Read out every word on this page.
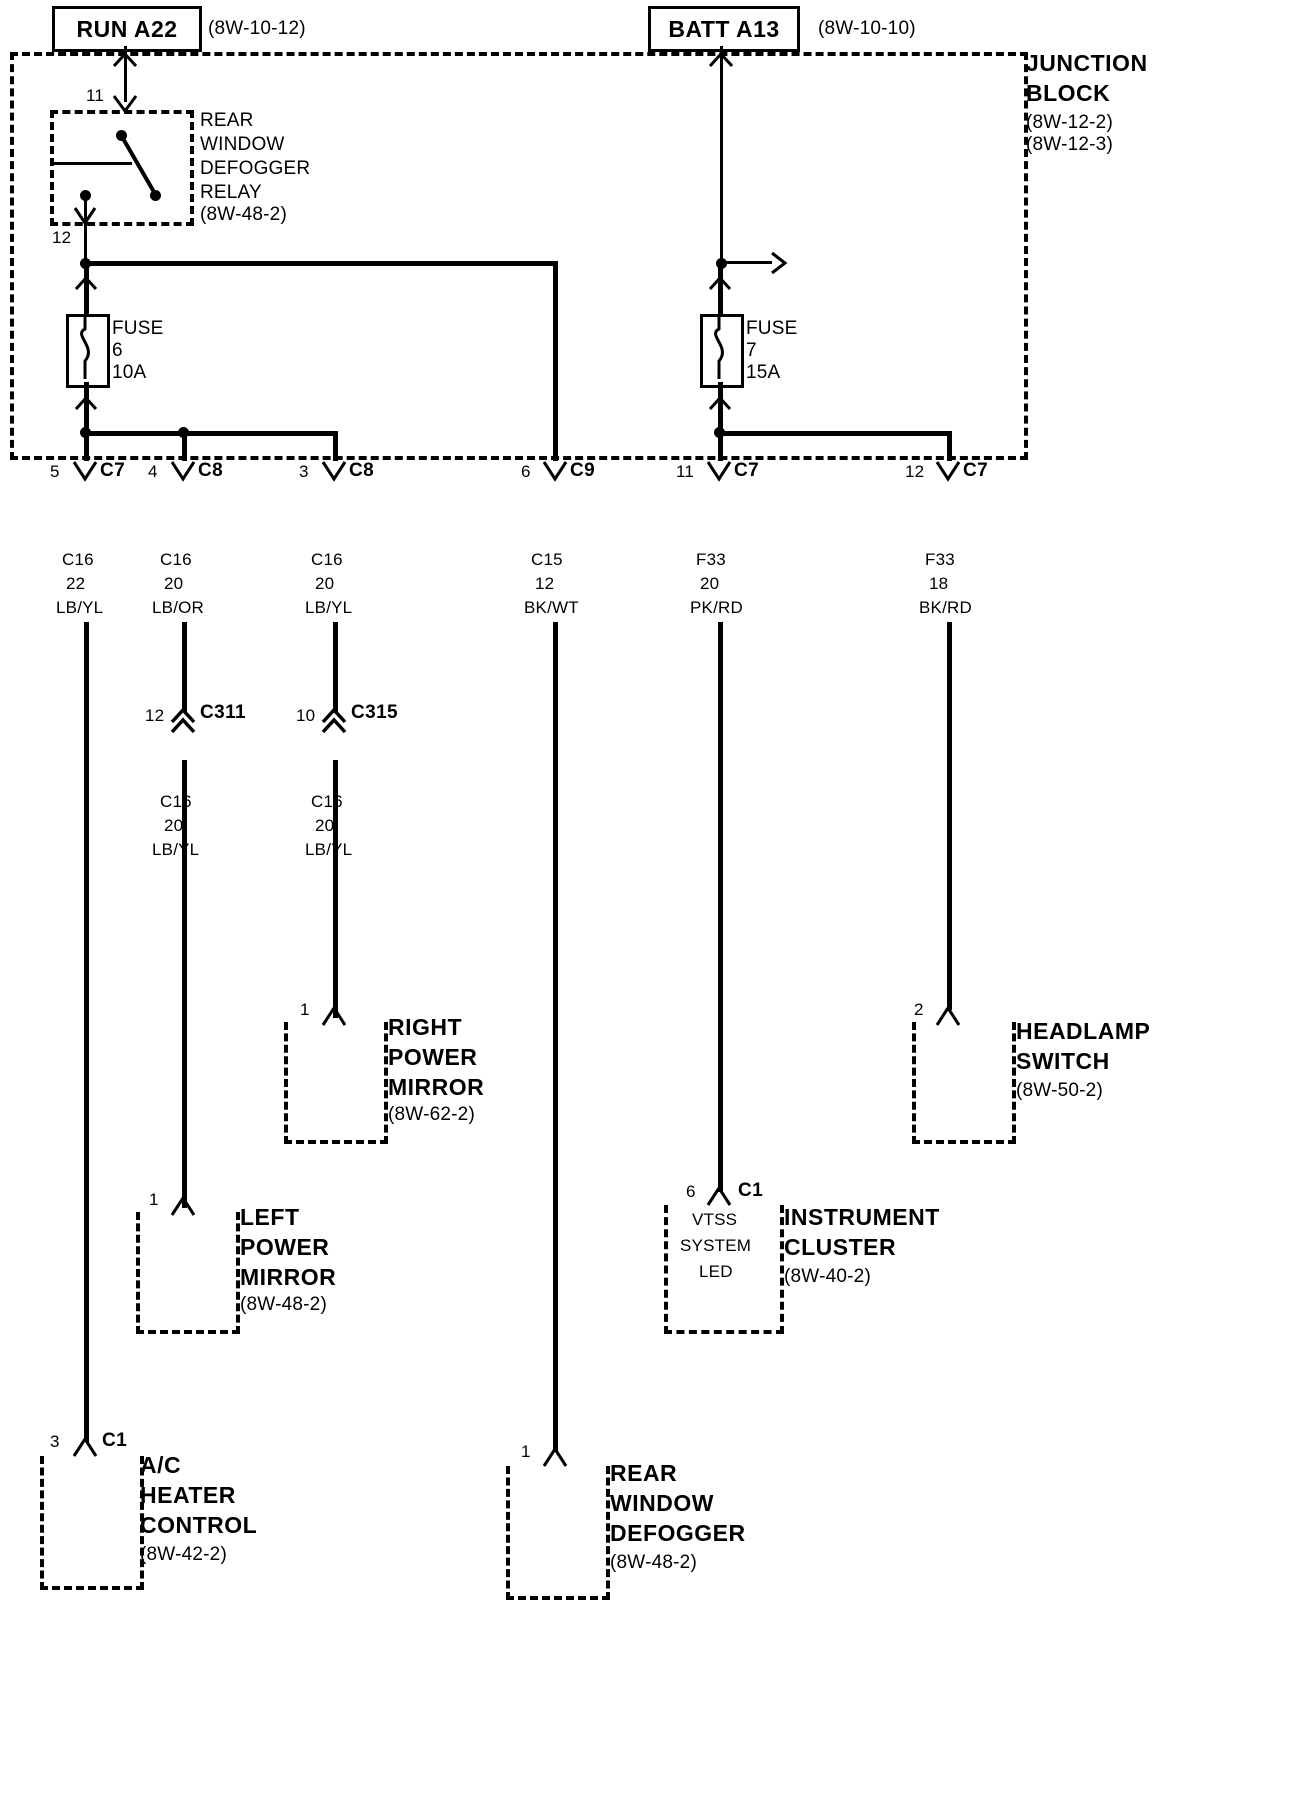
RUN A22 (8W-10-12)	BATT A13 (8W-10-10)
JUNCTION
BLOCK
(8W-12-2)
(8W-12-3)
11
REAR
WINDOW
DEFOGGER
RELAY
(8W-48-2)
12
FUSE
6
10A
FUSE
7
15A
5 C7 4 C8	3 C8	6 C9	11 C7	12 C7
C16
22
LB/YL
C16
20
LB/OR
C16
20
LB/YL
C15
12
BK/WT
F33
20
PK/RD
F33
18
BK/RD
12 C311	10 C315
C16
20
LB/YL
C16
20
LB/YL
1
RIGHT
POWER
MIRROR
(8W-62-2)
2
HEADLAMP
SWITCH
(8W-50-2)
1
LEFT
POWER
MIRROR
(8W-48-2)
6 C1
VTSS
SYSTEM
LED
INSTRUMENT
CLUSTER
(8W-40-2)
3 C1
A/C
HEATER
CONTROL
(8W-42-2)
1
REAR
WINDOW
DEFOGGER
(8W-48-2)
